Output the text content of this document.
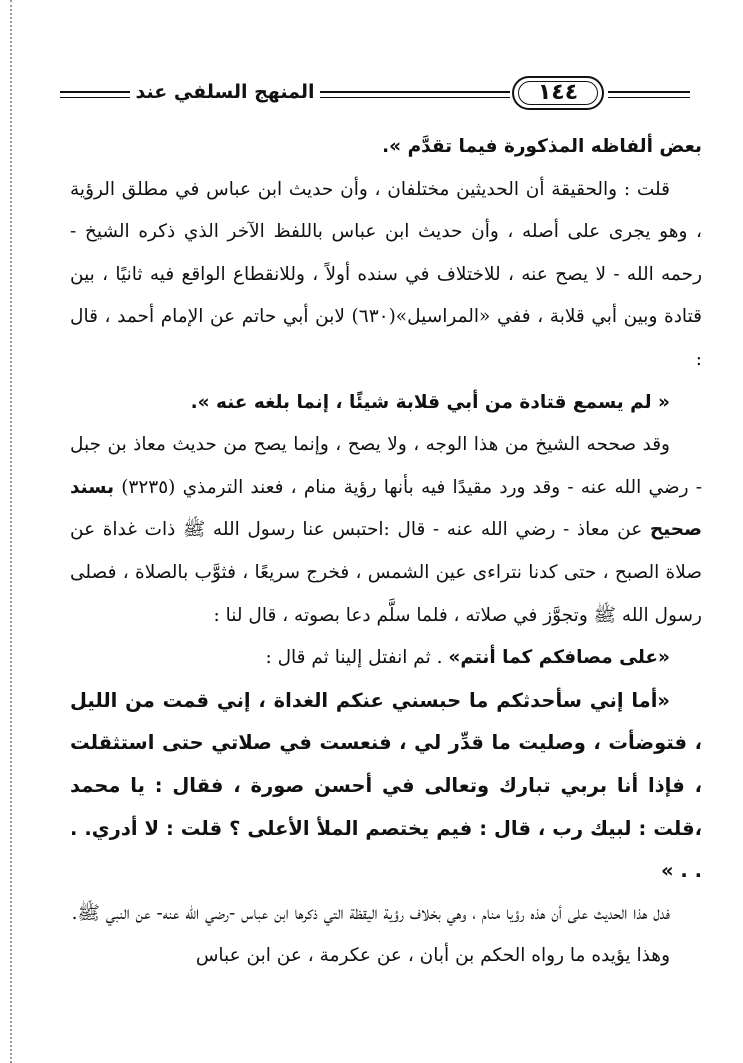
المنهج السلفي عند	١٤٤

بعض ألفاظه المذكورة فيما تقدَّم ».

قلت : والحقيقة أن الحديثين مختلفان ، وأن حديث ابن عباس في مطلق الرؤية ، وهو يجرى على أصله ، وأن حديث ابن عباس باللفظ الآخر الذي ذكره الشيخ - رحمه الله - لا يصح عنه ، للاختلاف في سنده أولاً ، وللانقطاع الواقع فيه ثانيًا ، بين قتادة وبين أبي قلابة ، ففي «المراسيل»(٦٣٠) لابن أبي حاتم عن الإمام أحمد ، قال :

« لم يسمع قتادة من أبي قلابة شيئًا ، إنما بلغه عنه ».

وقد صححه الشيخ من هذا الوجه ، ولا يصح ، وإنما يصح من حديث معاذ بن جبل - رضي الله عنه - وقد ورد مقيدًا فيه بأنها رؤية منام ، فعند الترمذي (٣٢٣٥) بسند صحيح عن معاذ - رضي الله عنه - قال :احتبس عنا رسول الله ﷺ ذات غداة عن صلاة الصبح ، حتى كدنا نتراءى عين الشمس ، فخرج سريعًا ، فثوَّب بالصلاة ، فصلى رسول الله ﷺ وتجوَّز في صلاته ، فلما سلَّم دعا بصوته ، قال لنا :

«على مصافكم كما أنتم» . ثم انفتل إلينا ثم قال :

«أما إني سأحدثكم ما حبسني عنكم الغداة ، إني قمت من الليل ، فتوضأت ، وصليت ما قدِّر لي ، فنعست في صلاتي حتى استثقلت ، فإذا أنا بربي تبارك وتعالى في أحسن صورة ، فقال : يا محمد ،قلت : لبيك رب ، قال : فيم يختصم الملأ الأعلى ؟ قلت : لا أدري. . . . »

فدل هذا الحديث على أن هذه رؤيا منام ، وهي بخلاف رؤية اليقظة التي ذكرها ابن عباس -رضي الله عنه- عن النبي ﷺ.

وهذا يؤيده ما رواه الحكم بن أبان ، عن عكرمة ، عن ابن عباس
